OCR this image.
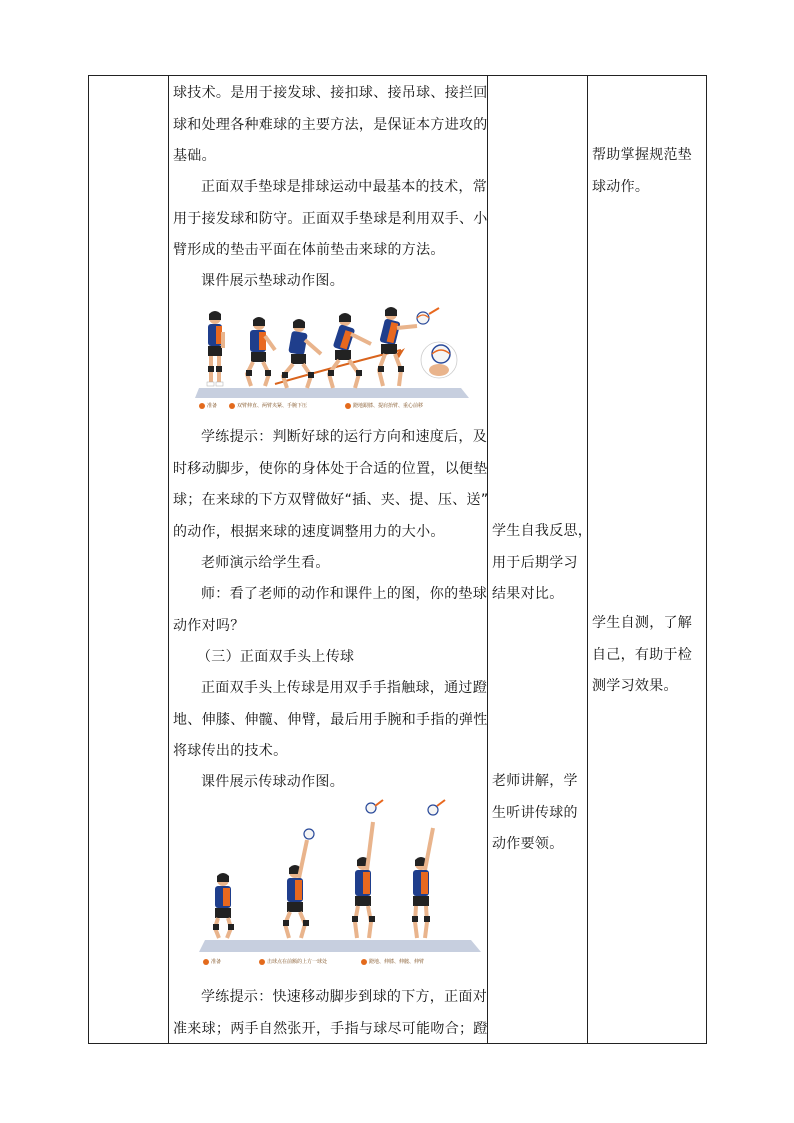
球技术。是用于接发球、接扣球、接吊球、接拦回
球和处理各种难球的主要方法，是保证本方进攻的
基础。
正面双手垫球是排球运动中最基本的技术，常
用于接发球和防守。正面双手垫球是利用双手、小
臂形成的垫击平面在体前垫击来球的方法。
课件展示垫球动作图。
准备	双臂伸直、两臂夹紧、手腕下压	蹬地跟膝、提肩抬臂、重心前移
学练提示：判断好球的运行方向和速度后，及
时移动脚步，使你的身体处于合适的位置，以便垫
球；在来球的下方双臂做好“插、夹、提、压、送”
的动作，根据来球的速度调整用力的大小。
老师演示给学生看。
师：看了老师的动作和课件上的图，你的垫球
动作对吗？
（三）正面双手头上传球
正面双手头上传球是用双手手指触球，通过蹬
地、伸膝、伸髋、伸臂，最后用手腕和手指的弹性
将球传出的技术。
课件展示传球动作图。
准备	击球点在前额的上方一球处	蹬地、伸膝、伸髋、伸臂
学练提示：快速移动脚步到球的下方，正面对
准来球；两手自然张开，手指与球尽可能吻合；蹬
学生自我反思，
用于后期学习
结果对比。
老师讲解，学
生听讲传球的
动作要领。
帮助掌握规范垫
球动作。
学生自测，了解
自己，有助于检
测学习效果。
